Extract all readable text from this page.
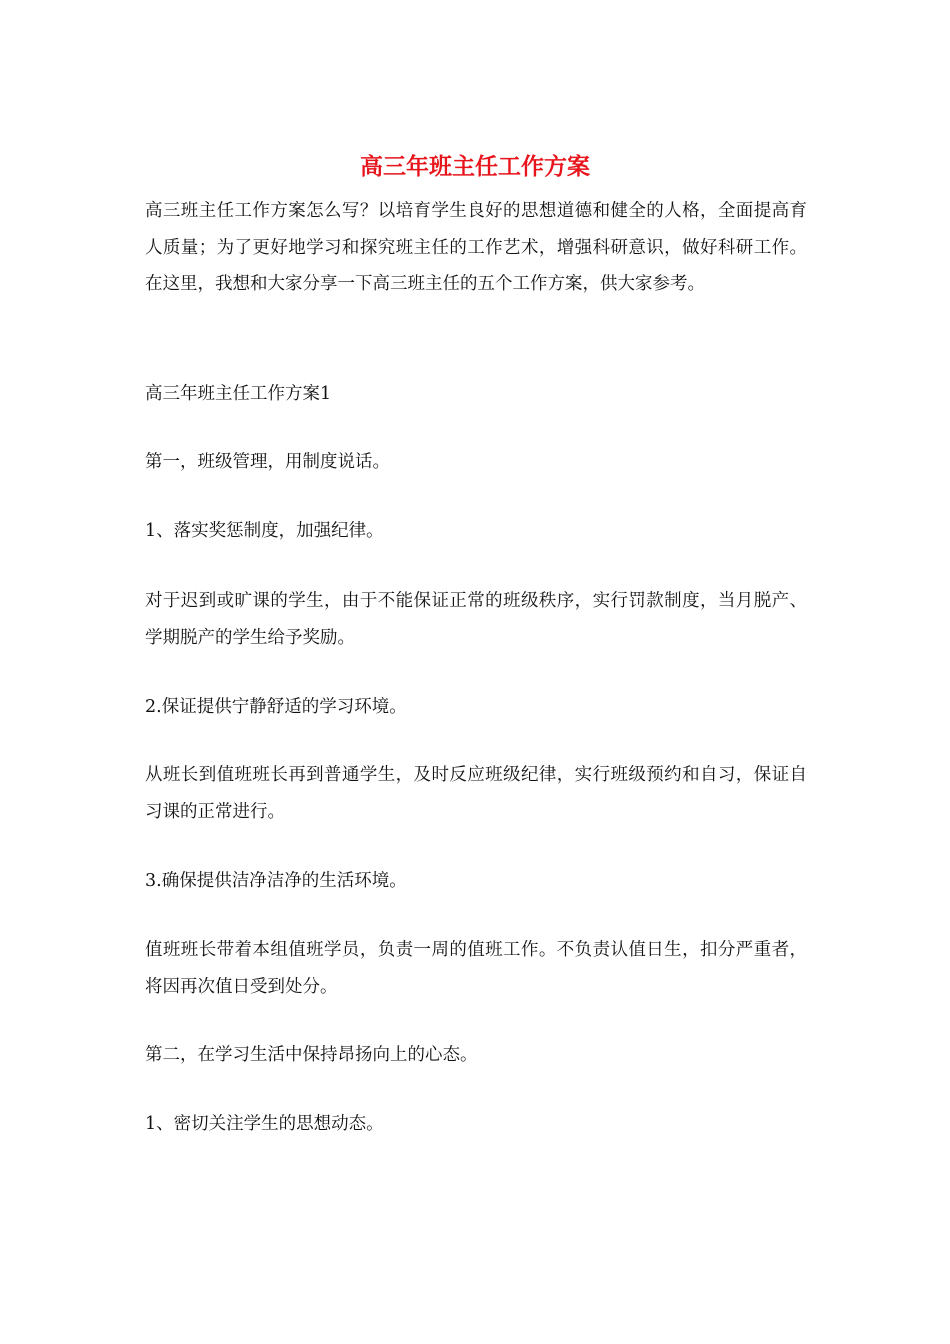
高三年班主任工作方案

高三班主任工作方案怎么写？以培育学生良好的思想道德和健全的人格，全面提高育人质量；为了更好地学习和探究班主任的工作艺术，增强科研意识，做好科研工作。在这里，我想和大家分享一下高三班主任的五个工作方案，供大家参考。

高三年班主任工作方案1

第一，班级管理，用制度说话。

1、落实奖惩制度，加强纪律。

对于迟到或旷课的学生，由于不能保证正常的班级秩序，实行罚款制度，当月脱产、学期脱产的学生给予奖励。

2.保证提供宁静舒适的学习环境。

从班长到值班班长再到普通学生，及时反应班级纪律，实行班级预约和自习，保证自习课的正常进行。

3.确保提供洁净洁净的生活环境。

值班班长带着本组值班学员，负责一周的值班工作。不负责认值日生，扣分严重者，将因再次值日受到处分。

第二，在学习生活中保持昂扬向上的心态。

1、密切关注学生的思想动态。
